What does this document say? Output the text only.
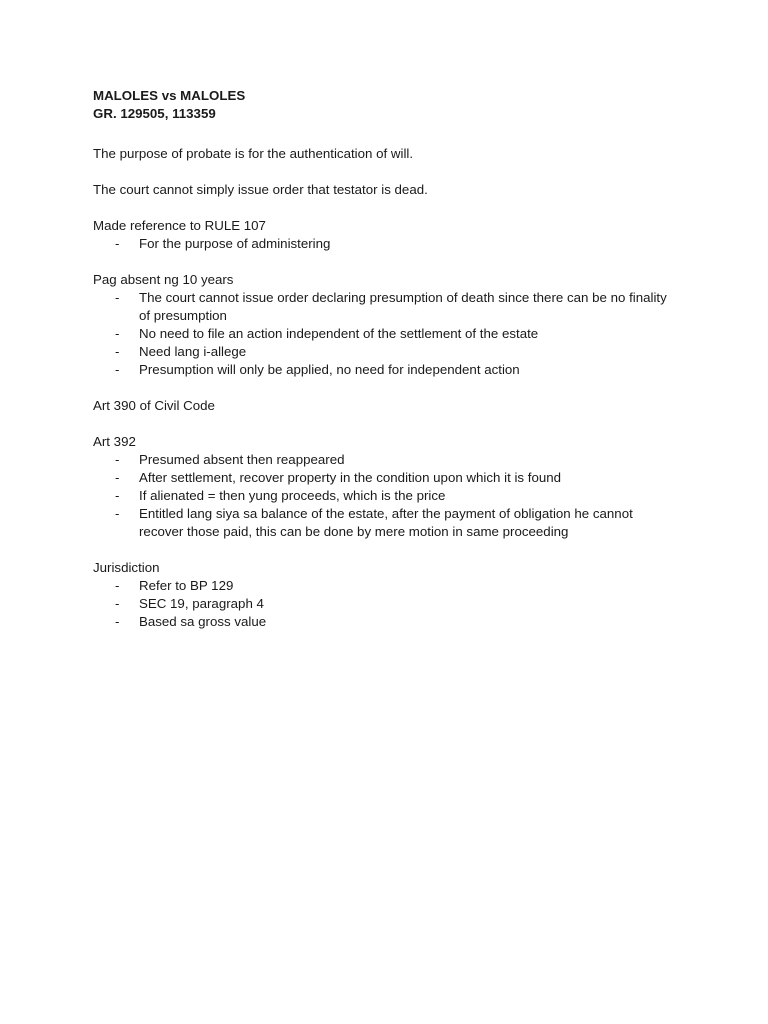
MALOLES vs MALOLES
GR. 129505, 113359
The purpose of probate is for the authentication of will.
The court cannot simply issue order that testator is dead.
Made reference to RULE 107
- For the purpose of administering
Pag absent ng 10 years
- The court cannot issue order declaring presumption of death since there can be no finality of presumption
- No need to file an action independent of the settlement of the estate
- Need lang i-allege
- Presumption will only be applied, no need for independent action
Art 390 of Civil Code
Art 392
- Presumed absent then reappeared
- After settlement, recover property in the condition upon which it is found
- If alienated = then yung proceeds, which is the price
- Entitled lang siya sa balance of the estate, after the payment of obligation he cannot recover those paid, this can be done by mere motion in same proceeding
Jurisdiction
- Refer to BP 129
- SEC 19, paragraph 4
- Based sa gross value
